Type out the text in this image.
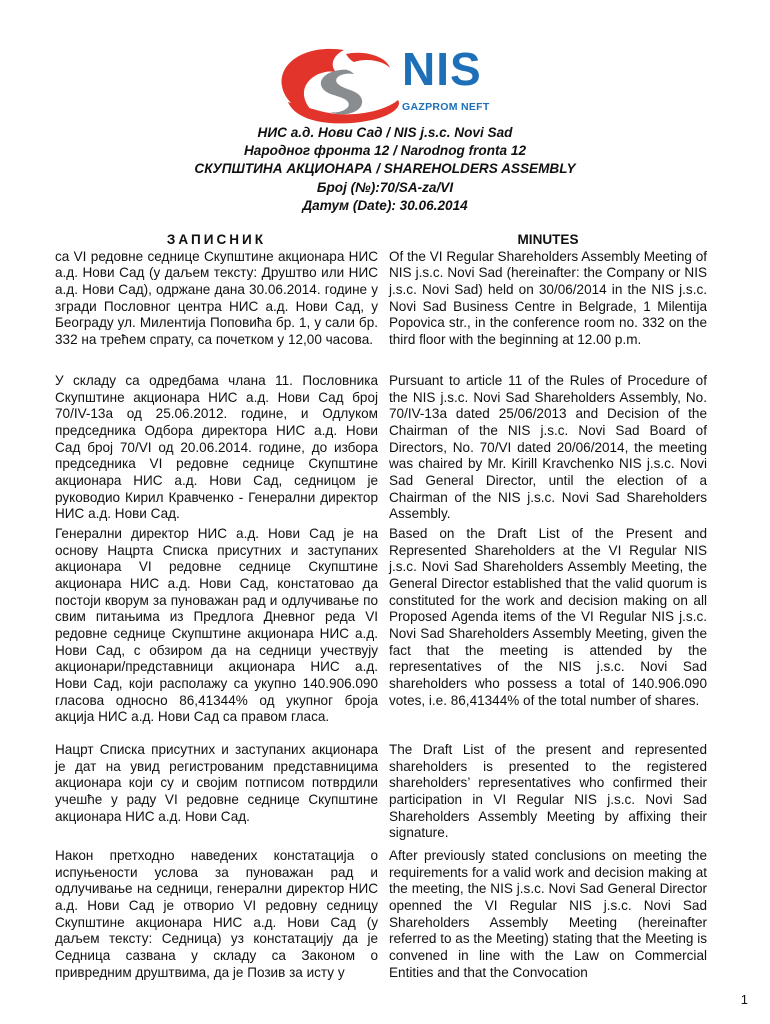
NIS
GAZPROM NEFT
НИС а.д. Нови Сад / NIS j.s.c. Novi Sad
Народног фронта 12 / Narodnog fronta 12
СКУПШТИНА АКЦИОНАРА / SHAREHOLDERS ASSEMBLY
Број (№):70/SA-za/VI
Датум (Date): 30.06.2014
ЗАПИСНИК

са VI редовне седнице Скупштине акционара НИС а.д. Нови Сад (у даљем тексту: Друштво или НИС а.д. Нови Сад), одржане дана 30.06.2014. године у згради Пословног центра НИС а.д. Нови Сад, у Београду ул. Милентија Поповића бр. 1, у сали бр. 332 на трећем спрату, са почетком у 12,00 часова.

У складу са одредбама члана 11. Пословника Скупштине акционара НИС а.д. Нови Сад број 70/IV-13а од 25.06.2012. године, и Одлуком председника Одбора директора НИС а.д. Нови Сад број 70/VI од 20.06.2014. године, до избора председника VI редовне седнице Скупштине акционара НИС а.д. Нови Сад, седницом је руководио Кирил Кравченко - Генерални директор НИС а.д. Нови Сад.

Генерални директор НИС а.д. Нови Сад је на основу Нацрта Списка присутних и заступаних акционара VI редовне седнице Скупштине акционара НИС а.д. Нови Сад, констатовао да постоји кворум за пуноважан рад и одлучивање по свим питањима из Предлога Дневног реда VI редовне седнице Скупштине акционара НИС а.д. Нови Сад, с обзиром да на седници учествују акционари/представници акционара НИС а.д. Нови Сад, који располажу са укупно 140.906.090 гласова односно 86,41344% од укупног броја акција НИС а.д. Нови Сад са правом гласа.

Нацрт Списка присутних и заступаних акционара је дат на увид регистрованим представницима акционара који су и својим потписом потврдили учешће у раду VI редовне седнице Скупштине акционара НИС а.д. Нови Сад.

Након претходно наведених констатација о испуњености услова за пуноважан рад и одлучивање на седници, генерални директор НИС а.д. Нови Сад је отворио VI редовну седницу Скупштине акционара НИС а.д. Нови Сад (у даљем тексту: Седница) уз констатацију да је Седница сазвана у складу са Законом о привредним друштвима, да је Позив за исту у

MINUTES

Of the VI Regular Shareholders Assembly Meeting of NIS j.s.c. Novi Sad (hereinafter: the Company or NIS j.s.c. Novi Sad) held on 30/06/2014 in the NIS j.s.c. Novi Sad Business Centre in Belgrade, 1 Milentija Popovica str., in the conference room no. 332 on the third floor with the beginning at 12.00 p.m.

Pursuant to article 11 of the Rules of Procedure of the NIS j.s.c. Novi Sad Shareholders Assembly, No. 70/IV-13a dated 25/06/2013 and Decision of the Chairman of the NIS j.s.c. Novi Sad Board of Directors, No. 70/VI dated 20/06/2014, the meeting was chaired by Mr. Kirill Kravchenko NIS j.s.c. Novi Sad General Director, until the election of a Chairman of the NIS j.s.c. Novi Sad Shareholders Assembly.

Based on the Draft List of the Present and Represented Shareholders at the VI Regular NIS j.s.c. Novi Sad Shareholders Assembly Meeting, the General Director established that the valid quorum is constituted for the work and decision making on all Proposed Agenda items of the VI Regular NIS j.s.c. Novi Sad Shareholders Assembly Meeting, given the fact that the meeting is attended by the representatives of the NIS j.s.c. Novi Sad shareholders who possess a total of 140.906.090 votes, i.e. 86,41344% of the total number of shares.

The Draft List of the present and represented shareholders is presented to the registered shareholders’ representatives who confirmed their participation in VI Regular NIS j.s.c. Novi Sad Shareholders Assembly Meeting by affixing their signature.

After previously stated conclusions on meeting the requirements for a valid work and decision making at the meeting, the NIS j.s.c. Novi Sad General Director openned the VI Regular NIS j.s.c. Novi Sad Shareholders Assembly Meeting (hereinafter referred to as the Meeting) stating that the Meeting is convened in line with the Law on Commercial Entities and that the Convocation

1
